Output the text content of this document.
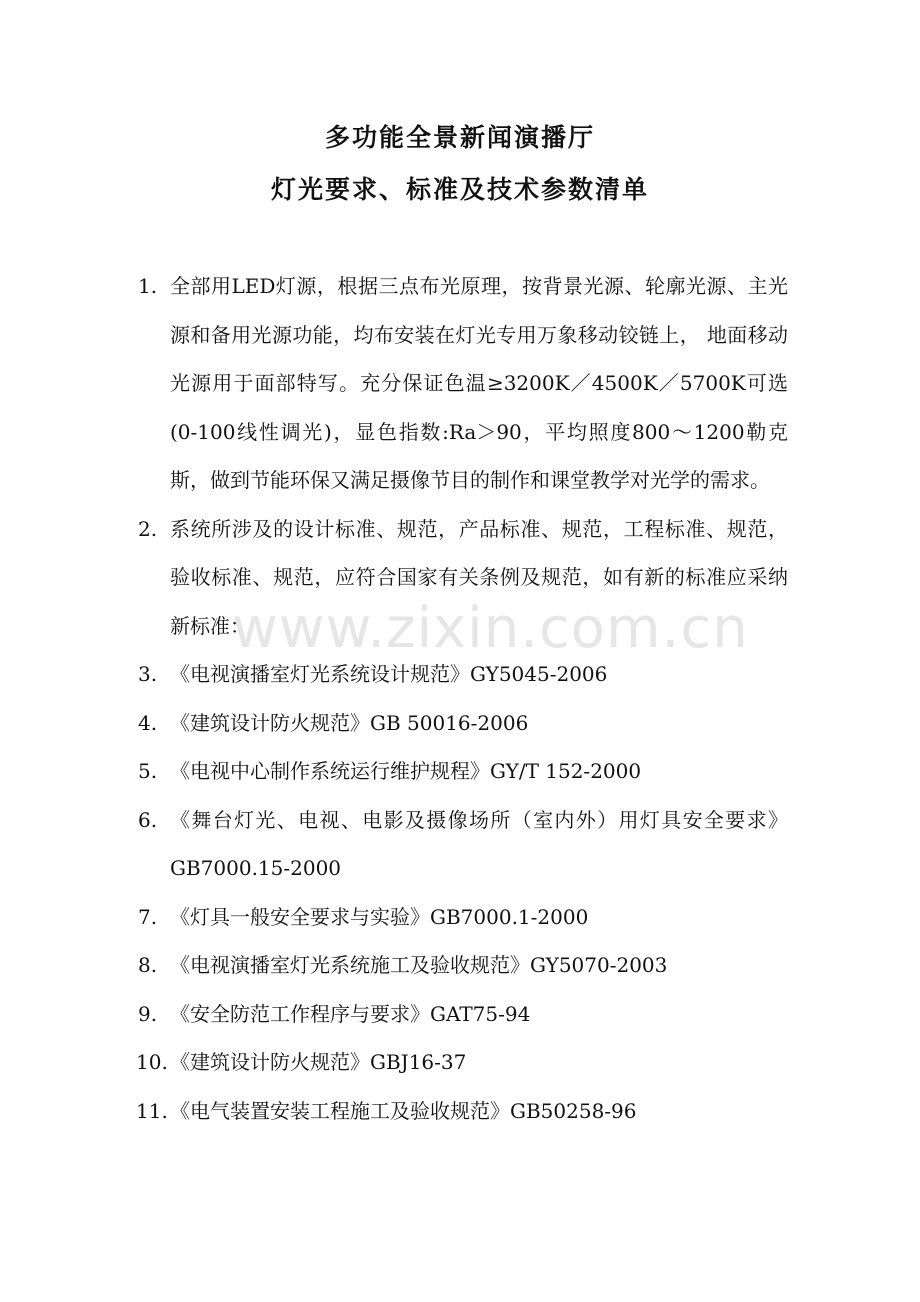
www.zixin.com.cn
多功能全景新闻演播厅
灯光要求、标准及技术参数清单
1. 全部用LED灯源，根据三点布光原理，按背景光源、轮廓光源、主光源和备用光源功能，均布安装在灯光专用万象移动铰链上， 地面移动光源用于面部特写。充分保证色温≥3200K／4500K／5700K可选 (0-100线性调光)，显色指数:Ra＞90，平均照度800～1200勒克斯，做到节能环保又满足摄像节目的制作和课堂教学对光学的需求。
2. 系统所涉及的设计标准、规范，产品标准、规范，工程标准、规范，验收标准、规范，应符合国家有关条例及规范，如有新的标准应采纳新标准：
3. 《电视演播室灯光系统设计规范》GY5045-2006
4. 《建筑设计防火规范》GB 50016-2006
5. 《电视中心制作系统运行维护规程》GY/T 152-2000
6. 《舞台灯光、电视、电影及摄像场所（室内外）用灯具安全要求》GB7000.15-2000
7. 《灯具一般安全要求与实验》GB7000.1-2000
8. 《电视演播室灯光系统施工及验收规范》GY5070-2003
9. 《安全防范工作程序与要求》GAT75-94
10. 《建筑设计防火规范》GBJ16-37
11. 《电气装置安装工程施工及验收规范》GB50258-96
